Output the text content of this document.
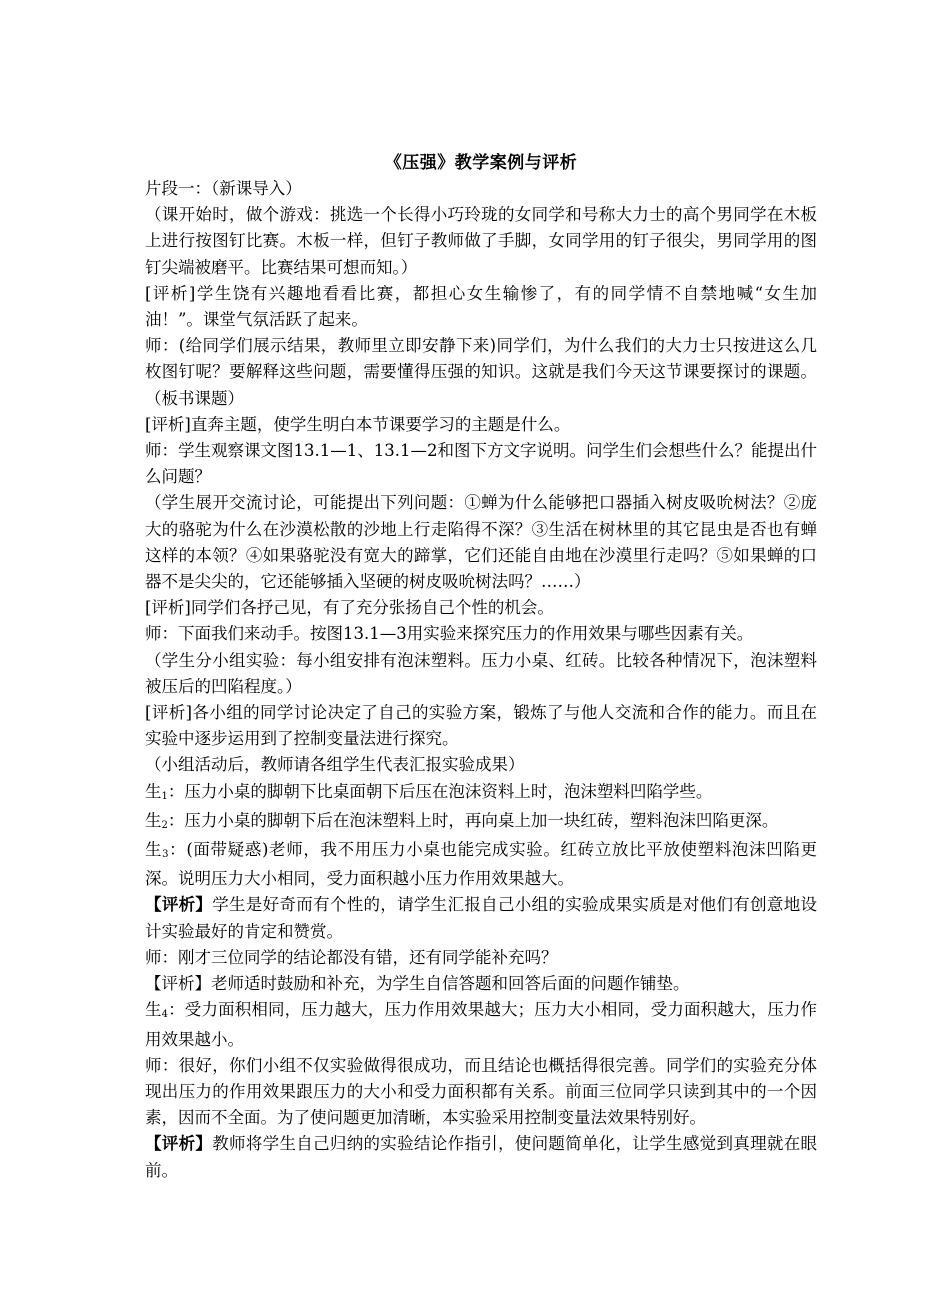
《压强》教学案例与评析

片段一：（新课导入）

（课开始时，做个游戏：挑选一个长得小巧玲珑的女同学和号称大力士的高个男同学在木板上进行按图钉比赛。木板一样，但钉子教师做了手脚，女同学用的钉子很尖，男同学用的图钉尖端被磨平。比赛结果可想而知。）

[评析]学生饶有兴趣地看看比赛，都担心女生输惨了，有的同学情不自禁地喊“女生加油！”。课堂气氛活跃了起来。

师：(给同学们展示结果，教师里立即安静下来)同学们，为什么我们的大力士只按进这么几枚图钉呢？要解释这些问题，需要懂得压强的知识。这就是我们今天这节课要探讨的课题。（板书课题）

[评析]直奔主题，使学生明白本节课要学习的主题是什么。

师：学生观察课文图13.1—1、13.1—2和图下方文字说明。问学生们会想些什么？能提出什么问题？

（学生展开交流讨论，可能提出下列问题：①蝉为什么能够把口器插入树皮吸吮树法？②庞大的骆驼为什么在沙漠松散的沙地上行走陷得不深？③生活在树林里的其它昆虫是否也有蝉这样的本领？④如果骆驼没有宽大的蹄掌，它们还能自由地在沙漠里行走吗？⑤如果蝉的口器不是尖尖的，它还能够插入坚硬的树皮吸吮树法吗？……）

[评析]同学们各抒己见，有了充分张扬自己个性的机会。

师：下面我们来动手。按图13.1—3用实验来探究压力的作用效果与哪些因素有关。

（学生分小组实验：每小组安排有泡沫塑料。压力小桌、红砖。比较各种情况下，泡沫塑料被压后的凹陷程度。）

[评析]各小组的同学讨论决定了自己的实验方案，锻炼了与他人交流和合作的能力。而且在实验中逐步运用到了控制变量法进行探究。

（小组活动后，教师请各组学生代表汇报实验成果）

生$_1$：压力小桌的脚朝下比桌面朝下后压在泡沫资料上时，泡沫塑料凹陷学些。

生$_2$：压力小桌的脚朝下后在泡沫塑料上时，再向桌上加一块红砖，塑料泡沫凹陷更深。

生$_3$：(面带疑惑)老师，我不用压力小桌也能完成实验。红砖立放比平放使塑料泡沫凹陷更深。说明压力大小相同，受力面积越小压力作用效果越大。

【评析】学生是好奇而有个性的，请学生汇报自己小组的实验成果实质是对他们有创意地设计实验最好的肯定和赞赏。

师：刚才三位同学的结论都没有错，还有同学能补充吗？

【评析】老师适时鼓励和补充，为学生自信答题和回答后面的问题作铺垫。

生$_4$：受力面积相同，压力越大，压力作用效果越大；压力大小相同，受力面积越大，压力作用效果越小。

师：很好，你们小组不仅实验做得很成功，而且结论也概括得很完善。同学们的实验充分体现出压力的作用效果跟压力的大小和受力面积都有关系。前面三位同学只读到其中的一个因素，因而不全面。为了使问题更加清晰，本实验采用控制变量法效果特别好。

【评析】教师将学生自己归纳的实验结论作指引，使问题简单化，让学生感觉到真理就在眼前。
